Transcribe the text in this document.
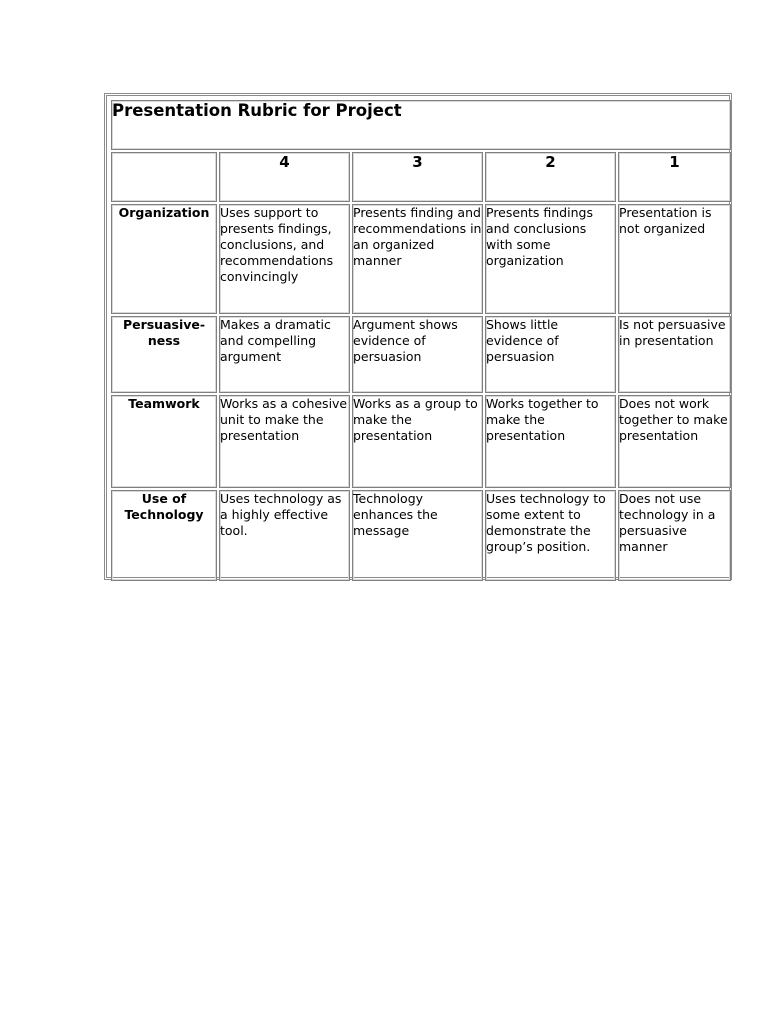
Presentation Rubric for Project				
	4	3	2	1
Organization	Uses support to presents findings, conclusions, and recommendations convincingly	Presents finding and recommendations in an organized manner	Presents findings and conclusions with some organization	Presentation is not organized
Persuasive-ness	Makes a dramatic and compelling argument	Argument shows evidence of persuasion	Shows little evidence of persuasion	Is not persuasive in presentation
Teamwork	Works as a cohesive unit to make the presentation	Works as a group to make the presentation	Works together to make the presentation	Does not work together to make presentation
Use of Technology	Uses technology as a highly effective tool.	Technology enhances the message	Uses technology to some extent to demonstrate the group’s position.	Does not use technology in a persuasive manner
